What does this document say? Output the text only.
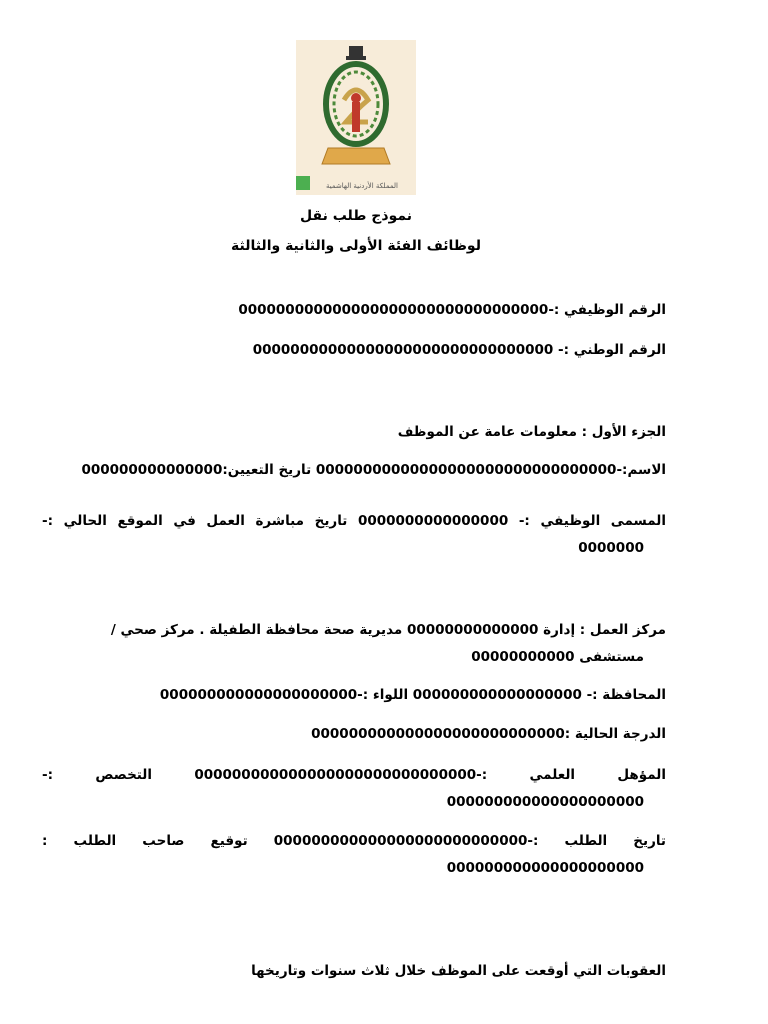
المملكة الأردنية الهاشمية
نموذج طلب نقل
لوظائف الفئة الأولى والثانية والثالثة
الرقم الوظيفي :-000000000000000000000000000000000
الرقم الوطني :- 00000000000000000000000000000000
الجزء الأول : معلومات عامة عن الموظف
الاسم:-00000000000000000000000000000000 تاريخ التعيين:000000000000000
المسمى
الوظيفي
:-
0000000000000000
تاريخ
مباشرة
العمل
في
الموقع
الحالي
:-
0000000
مركز العمل : إدارة 00000000000000 مديرية صحة محافظة الطفيلة . مركز صحي /
مستشفى 00000000000
المحافظة :- 000000000000000000 اللواء :-000000000000000000000
الدرجة الحالية :000000000000000000000000000
المؤهل
العلمي
:-000000000000000000000000000000
التخصص
:-
000000000000000000000
تاريخ
الطلب
:-000000000000000000000000000
توقيع
صاحب
الطلب
:
000000000000000000000
العقوبات التي أوقعت على الموظف خلال ثلاث سنوات وتاريخها
